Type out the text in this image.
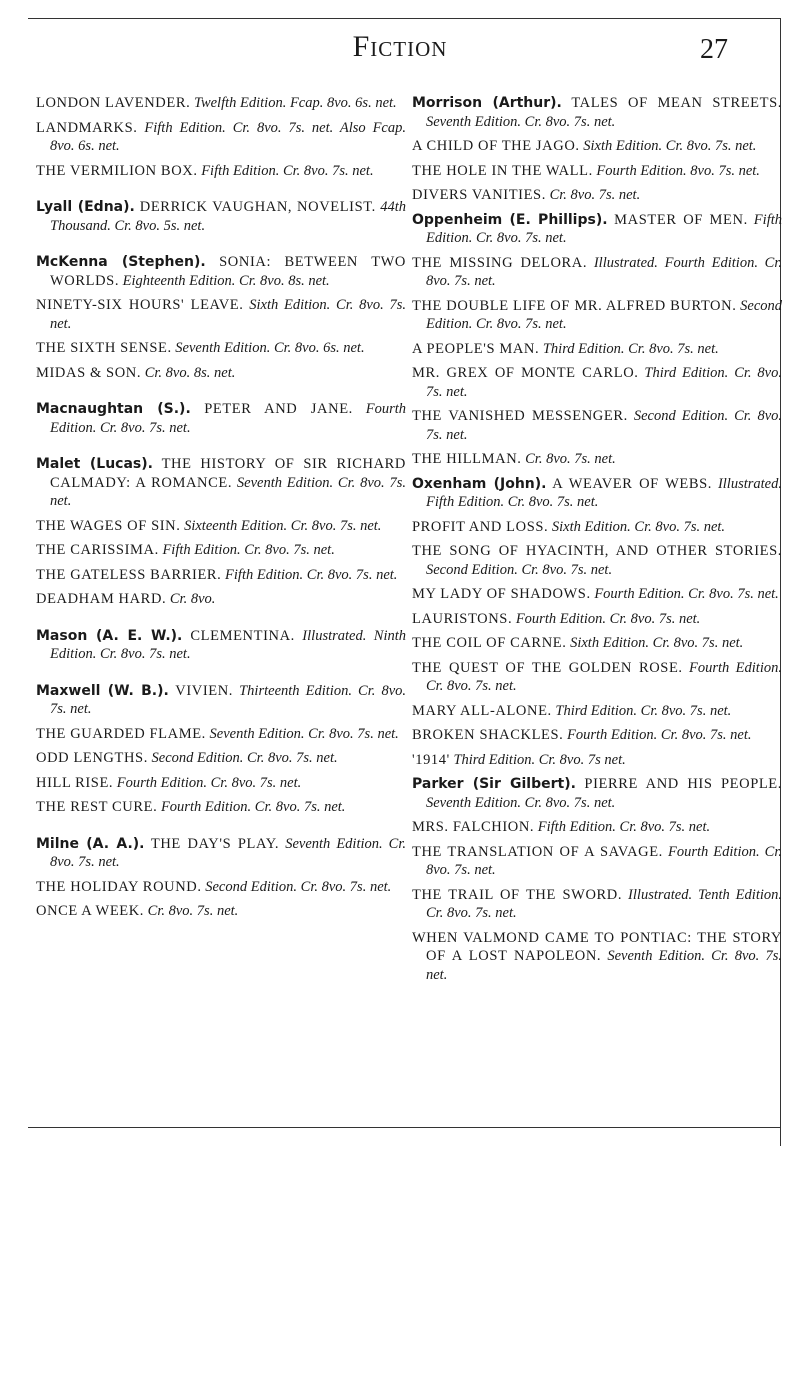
Fiction	27

LONDON LAVENDER. Twelfth Edition. Fcap. 8vo. 6s. net.

LANDMARKS. Fifth Edition. Cr. 8vo. 7s. net. Also Fcap. 8vo. 6s. net.

THE VERMILION BOX. Fifth Edition. Cr. 8vo. 7s. net.

Lyall (Edna). DERRICK VAUGHAN, NOVELIST. 44th Thousand. Cr. 8vo. 5s. net.

McKenna (Stephen). SONIA: BETWEEN TWO WORLDS. Eighteenth Edition. Cr. 8vo. 8s. net.

NINETY-SIX HOURS' LEAVE. Sixth Edition. Cr. 8vo. 7s. net.

THE SIXTH SENSE. Seventh Edition. Cr. 8vo. 6s. net.

MIDAS & SON. Cr. 8vo. 8s. net.

Macnaughtan (S.). PETER AND JANE. Fourth Edition. Cr. 8vo. 7s. net.

Malet (Lucas). THE HISTORY OF SIR RICHARD CALMADY: A ROMANCE. Seventh Edition. Cr. 8vo. 7s. net.

THE WAGES OF SIN. Sixteenth Edition. Cr. 8vo. 7s. net.

THE CARISSIMA. Fifth Edition. Cr. 8vo. 7s. net.

THE GATELESS BARRIER. Fifth Edition. Cr. 8vo. 7s. net.

DEADHAM HARD. Cr. 8vo.

Mason (A. E. W.). CLEMENTINA. Illustrated. Ninth Edition. Cr. 8vo. 7s. net.

Maxwell (W. B.). VIVIEN. Thirteenth Edition. Cr. 8vo. 7s. net.

THE GUARDED FLAME. Seventh Edition. Cr. 8vo. 7s. net.

ODD LENGTHS. Second Edition. Cr. 8vo. 7s. net.

HILL RISE. Fourth Edition. Cr. 8vo. 7s. net.

THE REST CURE. Fourth Edition. Cr. 8vo. 7s. net.

Milne (A. A.). THE DAY'S PLAY. Seventh Edition. Cr. 8vo. 7s. net.

THE HOLIDAY ROUND. Second Edition. Cr. 8vo. 7s. net.

ONCE A WEEK. Cr. 8vo. 7s. net.

Morrison (Arthur). TALES OF MEAN STREETS. Seventh Edition. Cr. 8vo. 7s. net.

A CHILD OF THE JAGO. Sixth Edition. Cr. 8vo. 7s. net.

THE HOLE IN THE WALL. Fourth Edition. 8vo. 7s. net.

DIVERS VANITIES. Cr. 8vo. 7s. net.

Oppenheim (E. Phillips). MASTER OF MEN. Fifth Edition. Cr. 8vo. 7s. net.

THE MISSING DELORA. Illustrated. Fourth Edition. Cr. 8vo. 7s. net.

THE DOUBLE LIFE OF MR. ALFRED BURTON. Second Edition. Cr. 8vo. 7s. net.

A PEOPLE'S MAN. Third Edition. Cr. 8vo. 7s. net.

MR. GREX OF MONTE CARLO. Third Edition. Cr. 8vo. 7s. net.

THE VANISHED MESSENGER. Second Edition. Cr. 8vo. 7s. net.

THE HILLMAN. Cr. 8vo. 7s. net.

Oxenham (John). A WEAVER OF WEBS. Illustrated. Fifth Edition. Cr. 8vo. 7s. net.

PROFIT AND LOSS. Sixth Edition. Cr. 8vo. 7s. net.

THE SONG OF HYACINTH, AND OTHER STORIES. Second Edition. Cr. 8vo. 7s. net.

MY LADY OF SHADOWS. Fourth Edition. Cr. 8vo. 7s. net.

LAURISTONS. Fourth Edition. Cr. 8vo. 7s. net.

THE COIL OF CARNE. Sixth Edition. Cr. 8vo. 7s. net.

THE QUEST OF THE GOLDEN ROSE. Fourth Edition. Cr. 8vo. 7s. net.

MARY ALL-ALONE. Third Edition. Cr. 8vo. 7s. net.

BROKEN SHACKLES. Fourth Edition. Cr. 8vo. 7s. net.

'1914' Third Edition. Cr. 8vo. 7s net.

Parker (Sir Gilbert). PIERRE AND HIS PEOPLE. Seventh Edition. Cr. 8vo. 7s. net.

MRS. FALCHION. Fifth Edition. Cr. 8vo. 7s. net.

THE TRANSLATION OF A SAVAGE. Fourth Edition. Cr. 8vo. 7s. net.

THE TRAIL OF THE SWORD. Illustrated. Tenth Edition. Cr. 8vo. 7s. net.

WHEN VALMOND CAME TO PONTIAC: THE STORY OF A LOST NAPOLEON. Seventh Edition. Cr. 8vo. 7s. net.
